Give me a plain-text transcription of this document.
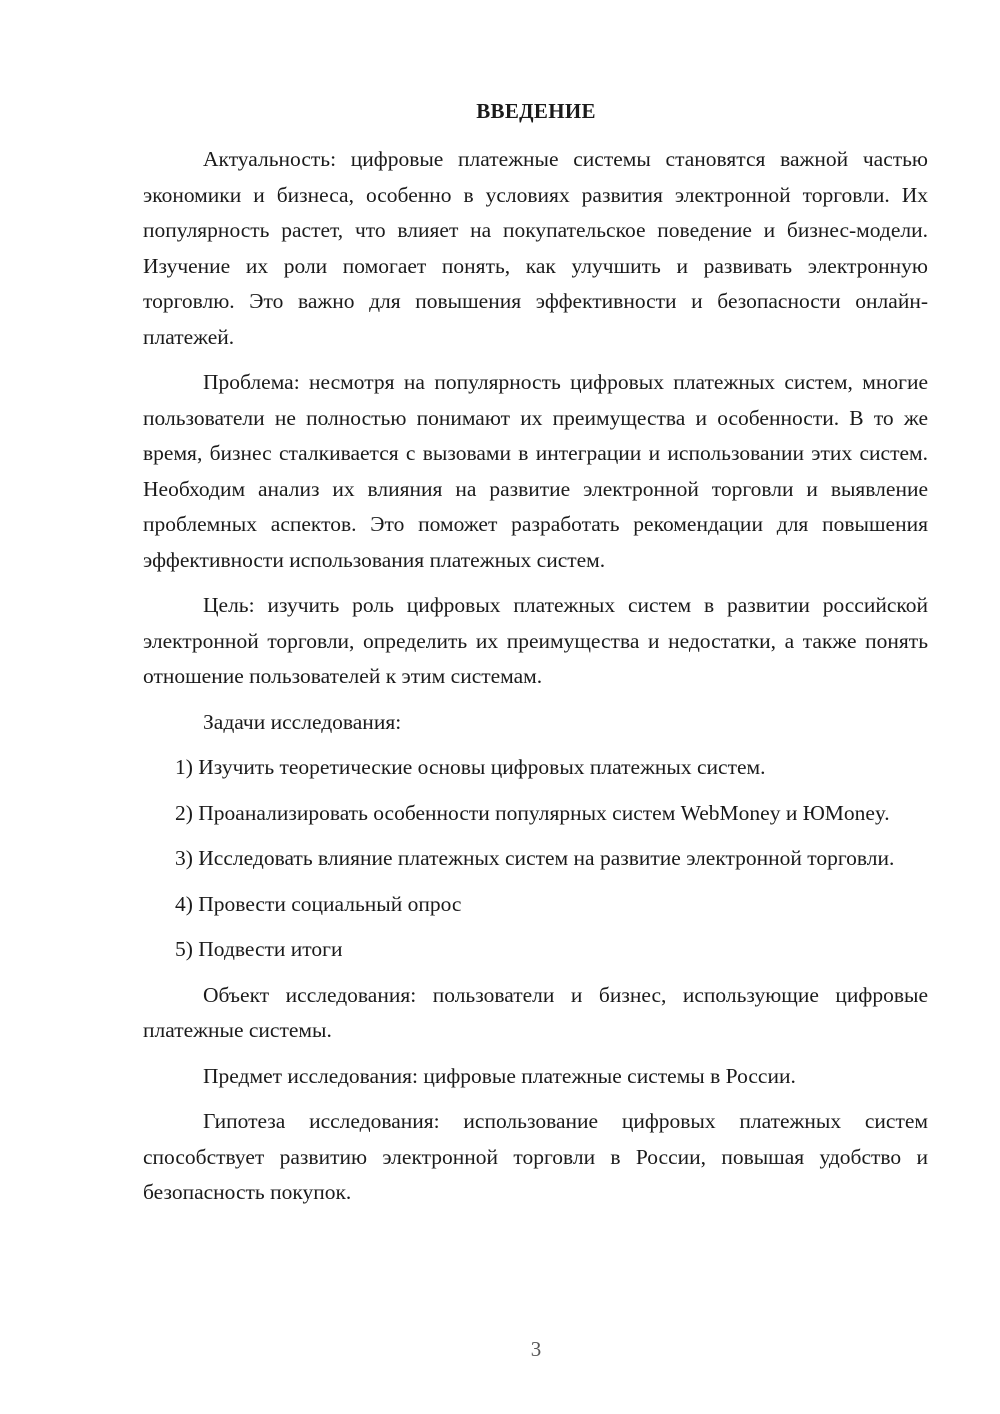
ВВЕДЕНИЕ

Актуальность: цифровые платежные системы становятся важной частью экономики и бизнеса, особенно в условиях развития электронной торговли. Их популярность растет, что влияет на покупательское поведение и бизнес-модели. Изучение их роли помогает понять, как улучшить и развивать электронную торговлю. Это важно для повышения эффективности и безопасности онлайн-платежей.

Проблема: несмотря на популярность цифровых платежных систем, многие пользователи не полностью понимают их преимущества и особенности. В то же время, бизнес сталкивается с вызовами в интеграции и использовании этих систем. Необходим анализ их влияния на развитие электронной торговли и выявление проблемных аспектов. Это поможет разработать рекомендации для повышения эффективности использования платежных систем.

Цель: изучить роль цифровых платежных систем в развитии российской электронной торговли, определить их преимущества и недостатки, а также понять отношение пользователей к этим системам.

Задачи исследования:

1) Изучить теоретические основы цифровых платежных систем.

2) Проанализировать особенности популярных систем WebMoney и ЮMoney.

3) Исследовать влияние платежных систем на развитие электронной торговли.

4) Провести социальный опрос

5) Подвести итоги

Объект исследования: пользователи и бизнес, использующие цифровые платежные системы.

Предмет исследования: цифровые платежные системы в России.

Гипотеза исследования: использование цифровых платежных систем способствует развитию электронной торговли в России, повышая удобство и безопасность покупок.

3
